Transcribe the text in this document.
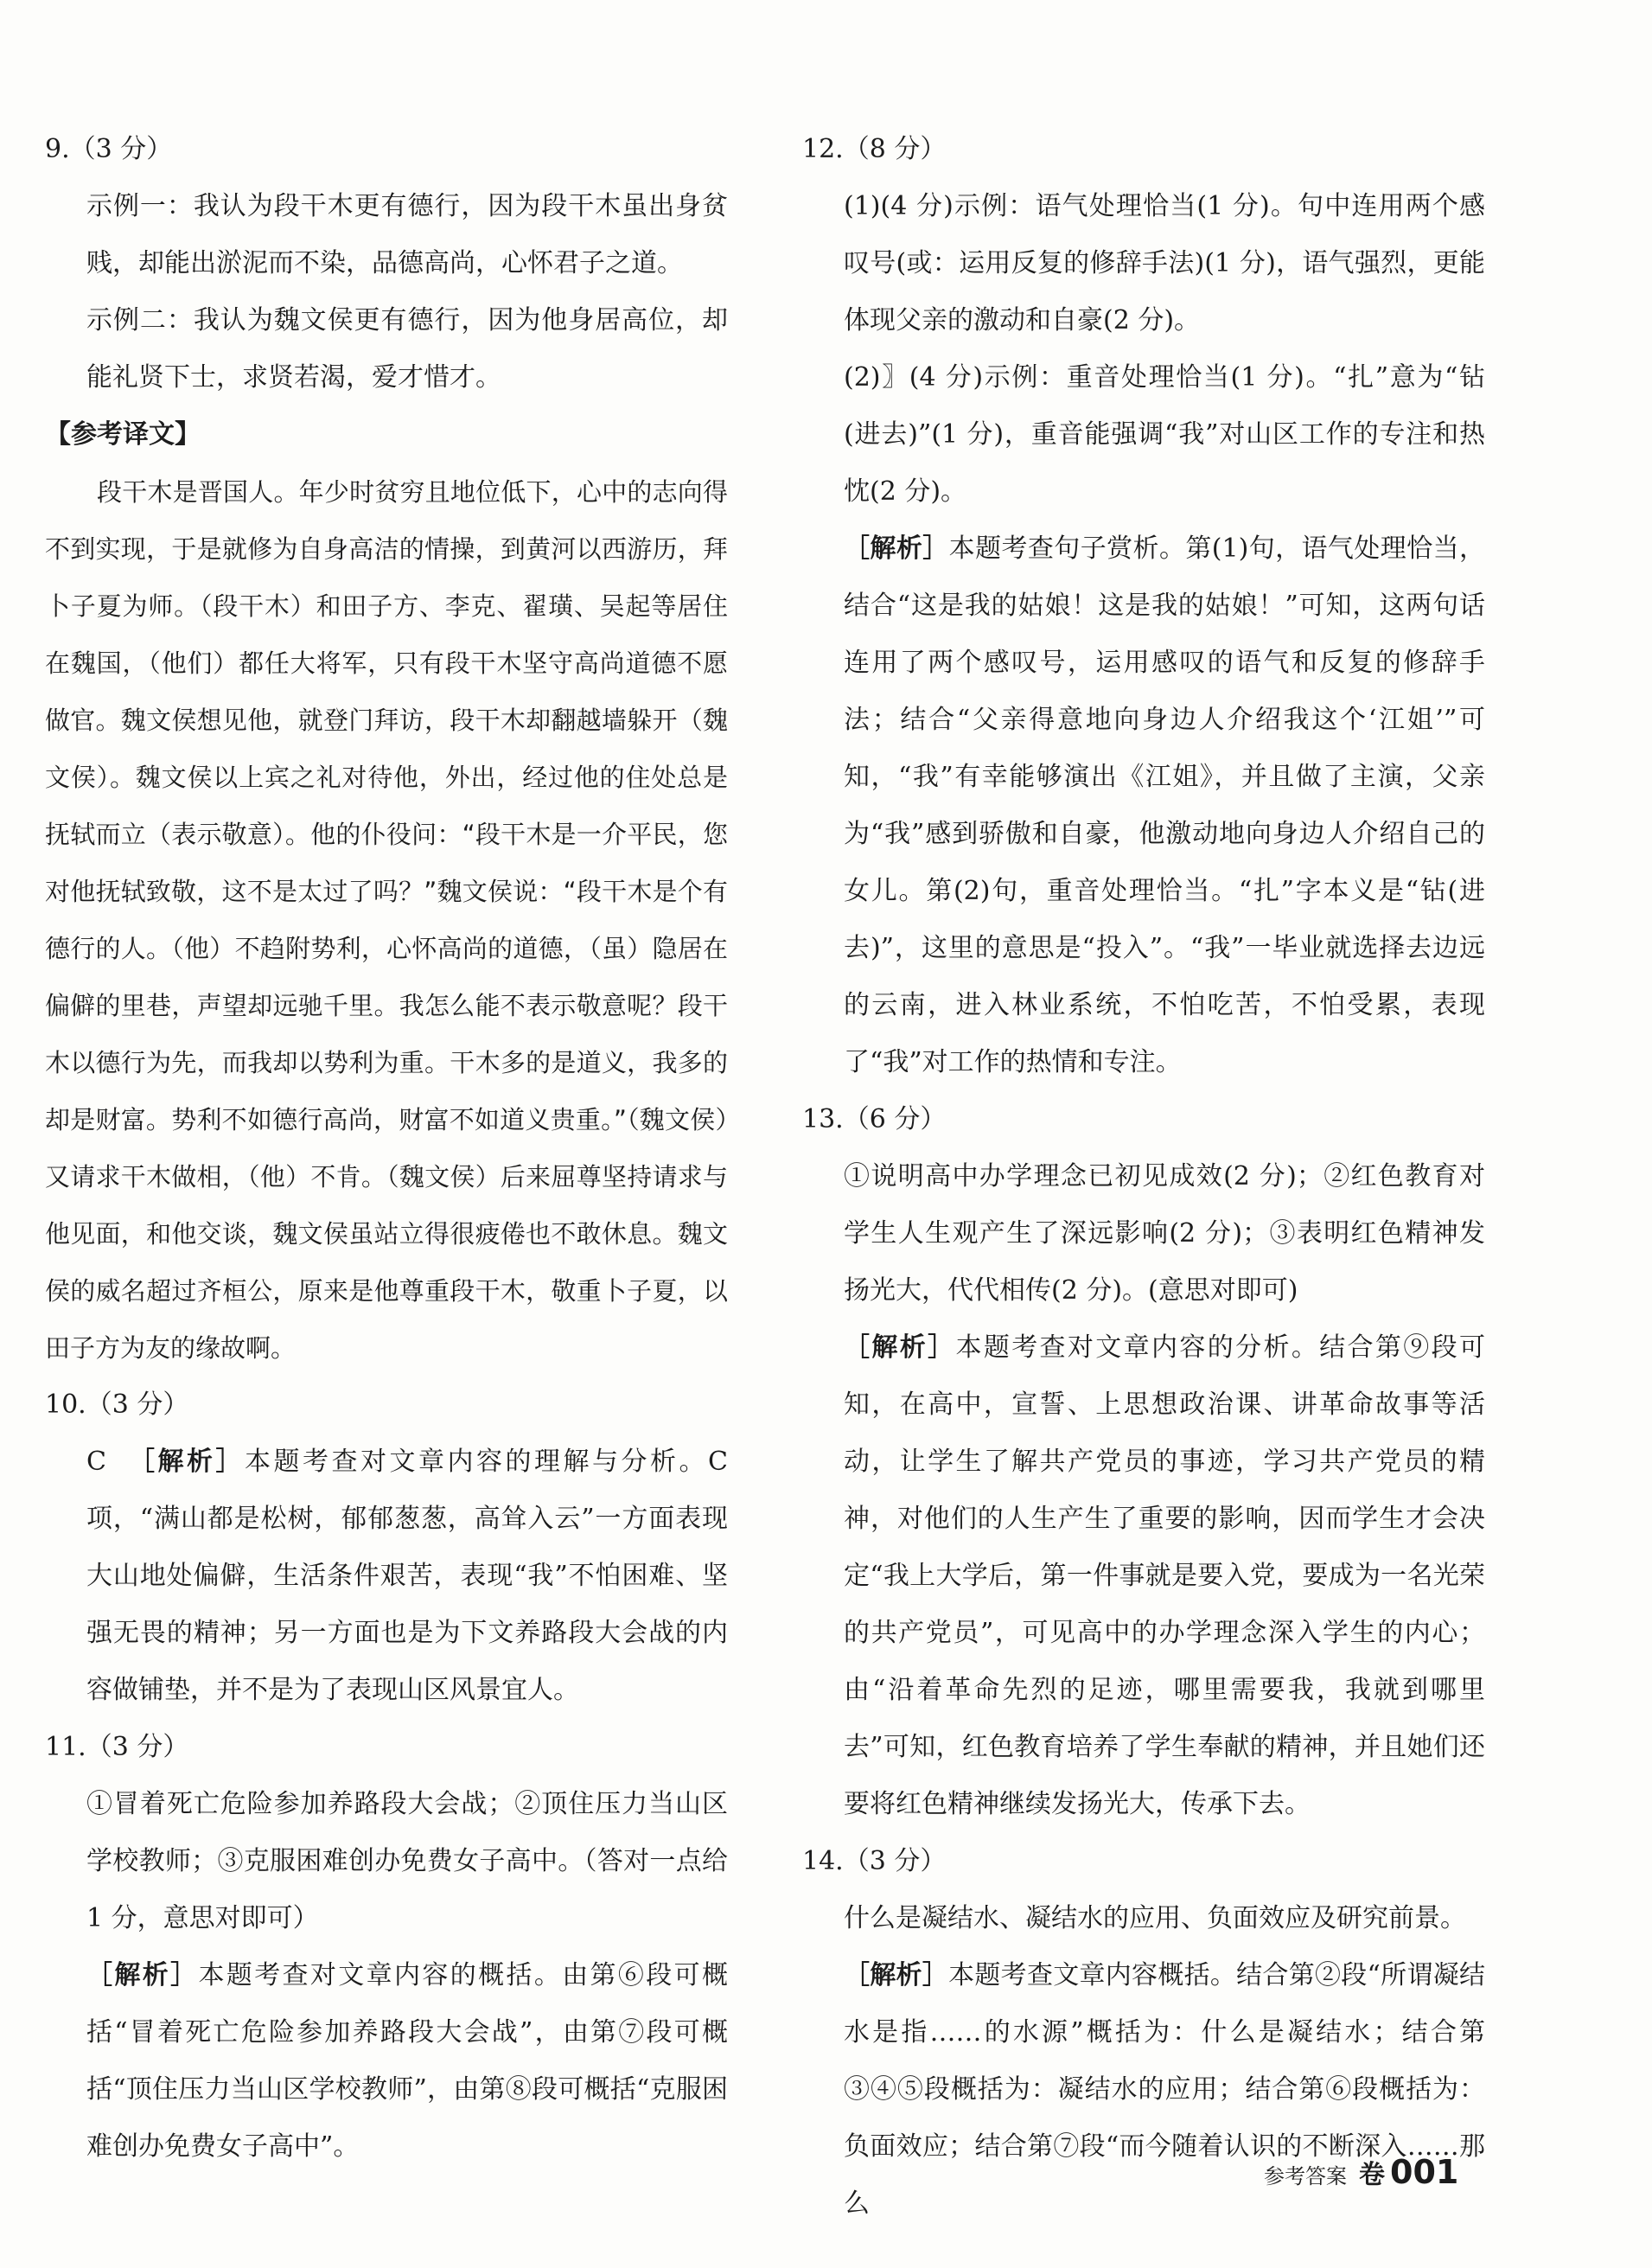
9.（3 分）

示例一：我认为段干木更有德行，因为段干木虽出身贫贱，却能出淤泥而不染，品德高尚，心怀君子之道。

示例二：我认为魏文侯更有德行，因为他身居高位，却能礼贤下士，求贤若渴，爱才惜才。

【参考译文】

段干木是晋国人。年少时贫穷且地位低下，心中的志向得不到实现，于是就修为自身高洁的情操，到黄河以西游历，拜卜子夏为师。（段干木）和田子方、李克、翟璜、吴起等居住在魏国，（他们）都任大将军，只有段干木坚守高尚道德不愿做官。魏文侯想见他，就登门拜访，段干木却翻越墙躲开（魏文侯）。魏文侯以上宾之礼对待他，外出，经过他的住处总是抚轼而立（表示敬意）。他的仆役问：“段干木是一介平民，您对他抚轼致敬，这不是太过了吗？”魏文侯说：“段干木是个有德行的人。（他）不趋附势利，心怀高尚的道德，（虽）隐居在偏僻的里巷，声望却远驰千里。我怎么能不表示敬意呢？段干木以德行为先，而我却以势利为重。干木多的是道义，我多的却是财富。势利不如德行高尚，财富不如道义贵重。”（魏文侯）又请求干木做相，（他）不肯。（魏文侯）后来屈尊坚持请求与他见面，和他交谈，魏文侯虽站立得很疲倦也不敢休息。魏文侯的威名超过齐桓公，原来是他尊重段干木，敬重卜子夏，以田子方为友的缘故啊。

10.（3 分）

C ［解析］本题考查对文章内容的理解与分析。C项，“满山都是松树，郁郁葱葱，高耸入云”一方面表现大山地处偏僻，生活条件艰苦，表现“我”不怕困难、坚强无畏的精神；另一方面也是为下文养路段大会战的内容做铺垫，并不是为了表现山区风景宜人。

11.（3 分）

①冒着死亡危险参加养路段大会战；②顶住压力当山区学校教师；③克服困难创办免费女子高中。（答对一点给 1 分，意思对即可）

［解析］本题考查对文章内容的概括。由第⑥段可概括“冒着死亡危险参加养路段大会战”，由第⑦段可概括“顶住压力当山区学校教师”，由第⑧段可概括“克服困难创办免费女子高中”。

12.（8 分）

(1)(4 分)示例：语气处理恰当(1 分)。句中连用两个感叹号(或：运用反复的修辞手法)(1 分)，语气强烈，更能体现父亲的激动和自豪(2 分)。

(2)〗(4 分)示例：重音处理恰当(1 分)。“扎”意为“钻(进去)”(1 分)，重音能强调“我”对山区工作的专注和热忱(2 分)。

［解析］本题考查句子赏析。第(1)句，语气处理恰当，结合“这是我的姑娘！这是我的姑娘！”可知，这两句话连用了两个感叹号，运用感叹的语气和反复的修辞手法；结合“父亲得意地向身边人介绍我这个‘江姐’”可知，“我”有幸能够演出《江姐》，并且做了主演，父亲为“我”感到骄傲和自豪，他激动地向身边人介绍自己的女儿。第(2)句，重音处理恰当。“扎”字本义是“钻(进去)”，这里的意思是“投入”。“我”一毕业就选择去边远的云南，进入林业系统，不怕吃苦，不怕受累，表现了“我”对工作的热情和专注。

13.（6 分）

①说明高中办学理念已初见成效(2 分)；②红色教育对学生人生观产生了深远影响(2 分)；③表明红色精神发扬光大，代代相传(2 分)。(意思对即可)

［解析］本题考查对文章内容的分析。结合第⑨段可知，在高中，宣誓、上思想政治课、讲革命故事等活动，让学生了解共产党员的事迹，学习共产党员的精神，对他们的人生产生了重要的影响，因而学生才会决定“我上大学后，第一件事就是要入党，要成为一名光荣的共产党员”，可见高中的办学理念深入学生的内心；由“沿着革命先烈的足迹，哪里需要我，我就到哪里去”可知，红色教育培养了学生奉献的精神，并且她们还要将红色精神继续发扬光大，传承下去。

14.（3 分）

什么是凝结水、凝结水的应用、负面效应及研究前景。

［解析］本题考查文章内容概括。结合第②段“所谓凝结水是指……的水源”概括为：什么是凝结水；结合第③④⑤段概括为：凝结水的应用；结合第⑥段概括为：负面效应；结合第⑦段“而今随着认识的不断深入……那么

参考答案 卷 001
